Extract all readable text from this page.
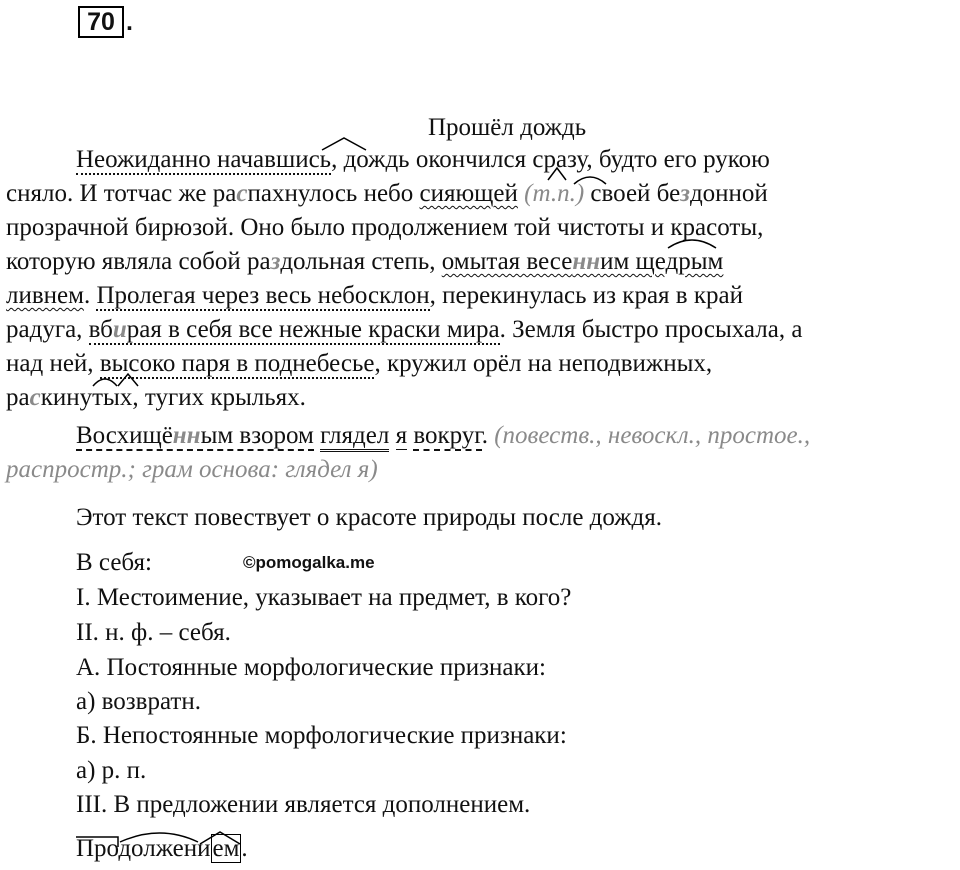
70 .
Прошёл дождь
Неожиданно начавшись, дождь окончился сразу, будто его рукою
сняло. И тотчас же распахнулось небо сияющей (т.п.) своей бездонной
прозрачной бирюзой. Оно было продолжением той чистоты и красоты,
которую являла собой раздольная степь, омытая весенним щедрым
ливнем. Пролегая через весь небосклон, перекинулась из края в край
радуга, вбирая в себя все нежные краски мира. Земля быстро просыхала, а
над ней, высоко паря в поднебесье, кружил орёл на неподвижных,
раскинутых, тугих крыльях.
Восхищённым взором глядел я вокруг. (повеств., невоскл., простое.,
распростр.; грам основа: глядел я)
Этот текст повествует о красоте природы после дождя.
В себя:	©pomogalka.me
I. Местоимение, указывает на предмет, в кого?
II. н. ф. – себя.
А. Постоянные морфологические признаки:
а) возвратн.
Б. Непостоянные морфологические признаки:
а) р. п.
III. В предложении является дополнением.
Продолжением.
